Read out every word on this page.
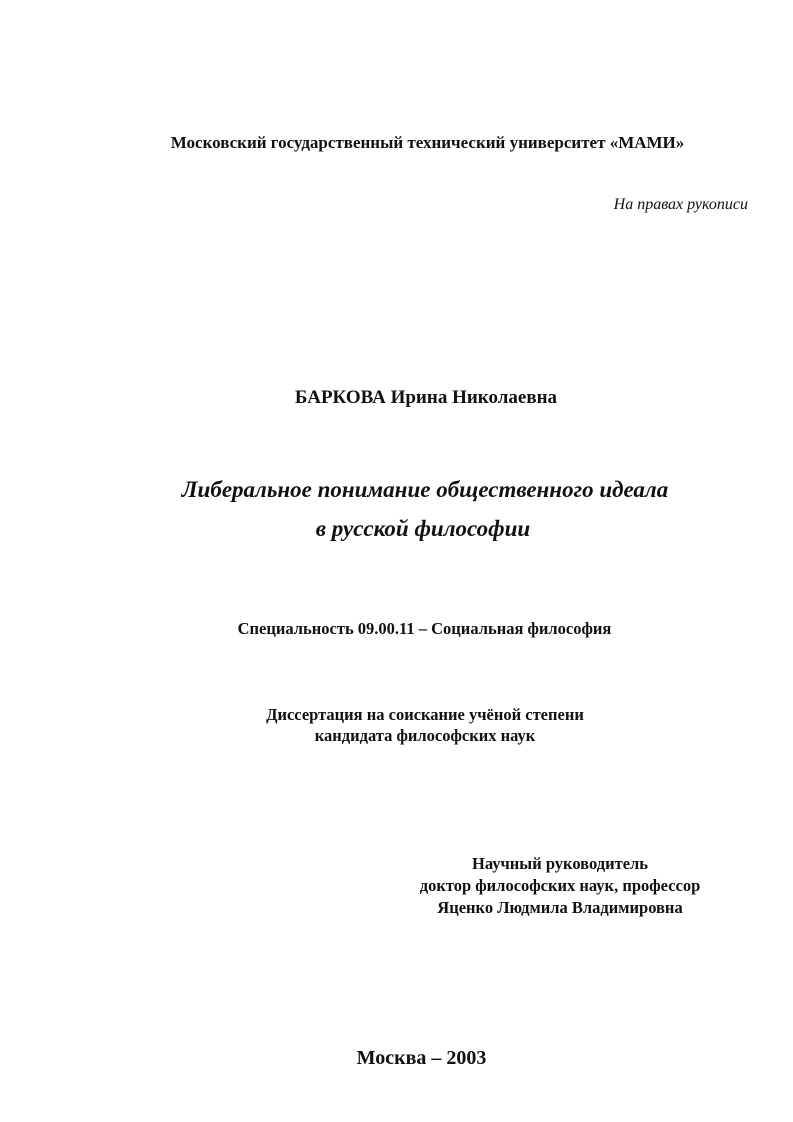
Московский государственный технический университет «МАМИ»

На правах рукописи

БАРКОВА Ирина Николаевна

Либеральное понимание общественного идеала

в русской философии

Специальность 09.00.11 – Социальная философия

Диссертация на соискание учёной степени

кандидата философских наук

Научный руководитель

доктор философских наук, профессор

Яценко Людмила Владимировна

Москва – 2003
